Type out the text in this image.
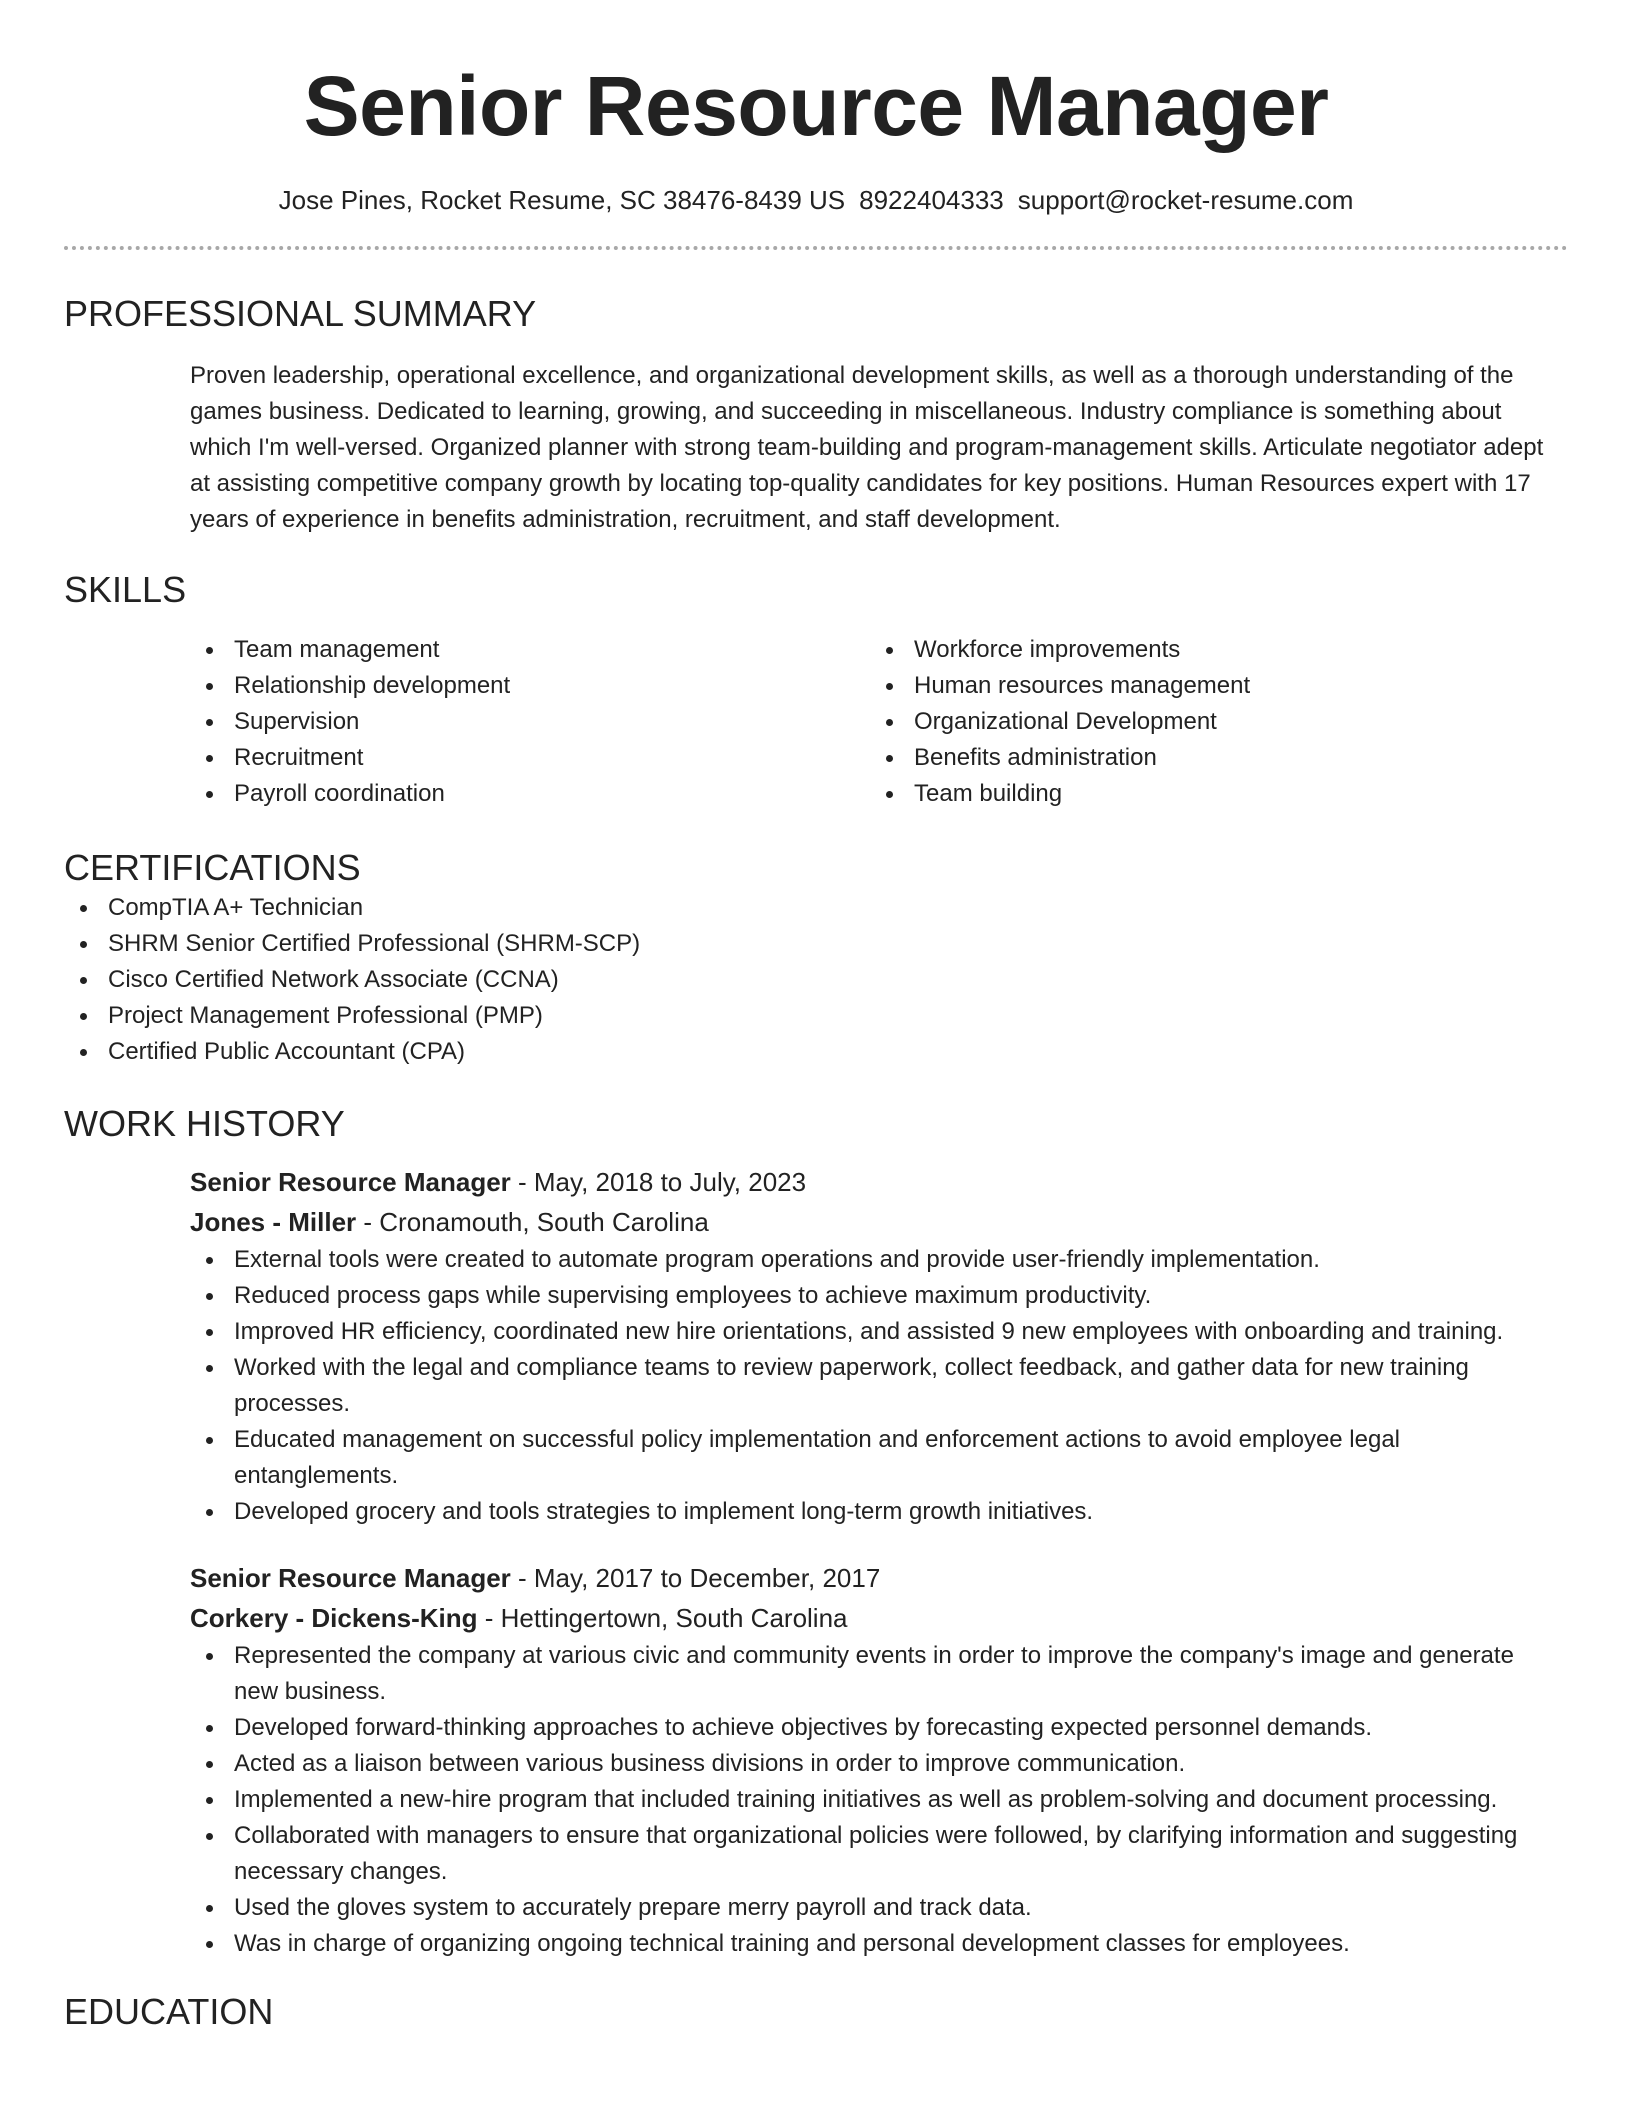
Senior Resource Manager
Jose Pines, Rocket Resume, SC 38476-8439 US 8922404333 support@rocket-resume.com
PROFESSIONAL SUMMARY
Proven leadership, operational excellence, and organizational development skills, as well as a thorough understanding of the games business. Dedicated to learning, growing, and succeeding in miscellaneous. Industry compliance is something about which I'm well-versed. Organized planner with strong team-building and program-management skills. Articulate negotiator adept at assisting competitive company growth by locating top-quality candidates for key positions. Human Resources expert with 17 years of experience in benefits administration, recruitment, and staff development.
SKILLS
Team management
Relationship development
Supervision
Recruitment
Payroll coordination
Workforce improvements
Human resources management
Organizational Development
Benefits administration
Team building
CERTIFICATIONS
CompTIA A+ Technician
SHRM Senior Certified Professional (SHRM-SCP)
Cisco Certified Network Associate (CCNA)
Project Management Professional (PMP)
Certified Public Accountant (CPA)
WORK HISTORY
Senior Resource Manager - May, 2018 to July, 2023
Jones - Miller - Cronamouth, South Carolina
External tools were created to automate program operations and provide user-friendly implementation.
Reduced process gaps while supervising employees to achieve maximum productivity.
Improved HR efficiency, coordinated new hire orientations, and assisted 9 new employees with onboarding and training.
Worked with the legal and compliance teams to review paperwork, collect feedback, and gather data for new training processes.
Educated management on successful policy implementation and enforcement actions to avoid employee legal entanglements.
Developed grocery and tools strategies to implement long-term growth initiatives.
Senior Resource Manager - May, 2017 to December, 2017
Corkery - Dickens-King - Hettingertown, South Carolina
Represented the company at various civic and community events in order to improve the company's image and generate new business.
Developed forward-thinking approaches to achieve objectives by forecasting expected personnel demands.
Acted as a liaison between various business divisions in order to improve communication.
Implemented a new-hire program that included training initiatives as well as problem-solving and document processing.
Collaborated with managers to ensure that organizational policies were followed, by clarifying information and suggesting necessary changes.
Used the gloves system to accurately prepare merry payroll and track data.
Was in charge of organizing ongoing technical training and personal development classes for employees.
EDUCATION
